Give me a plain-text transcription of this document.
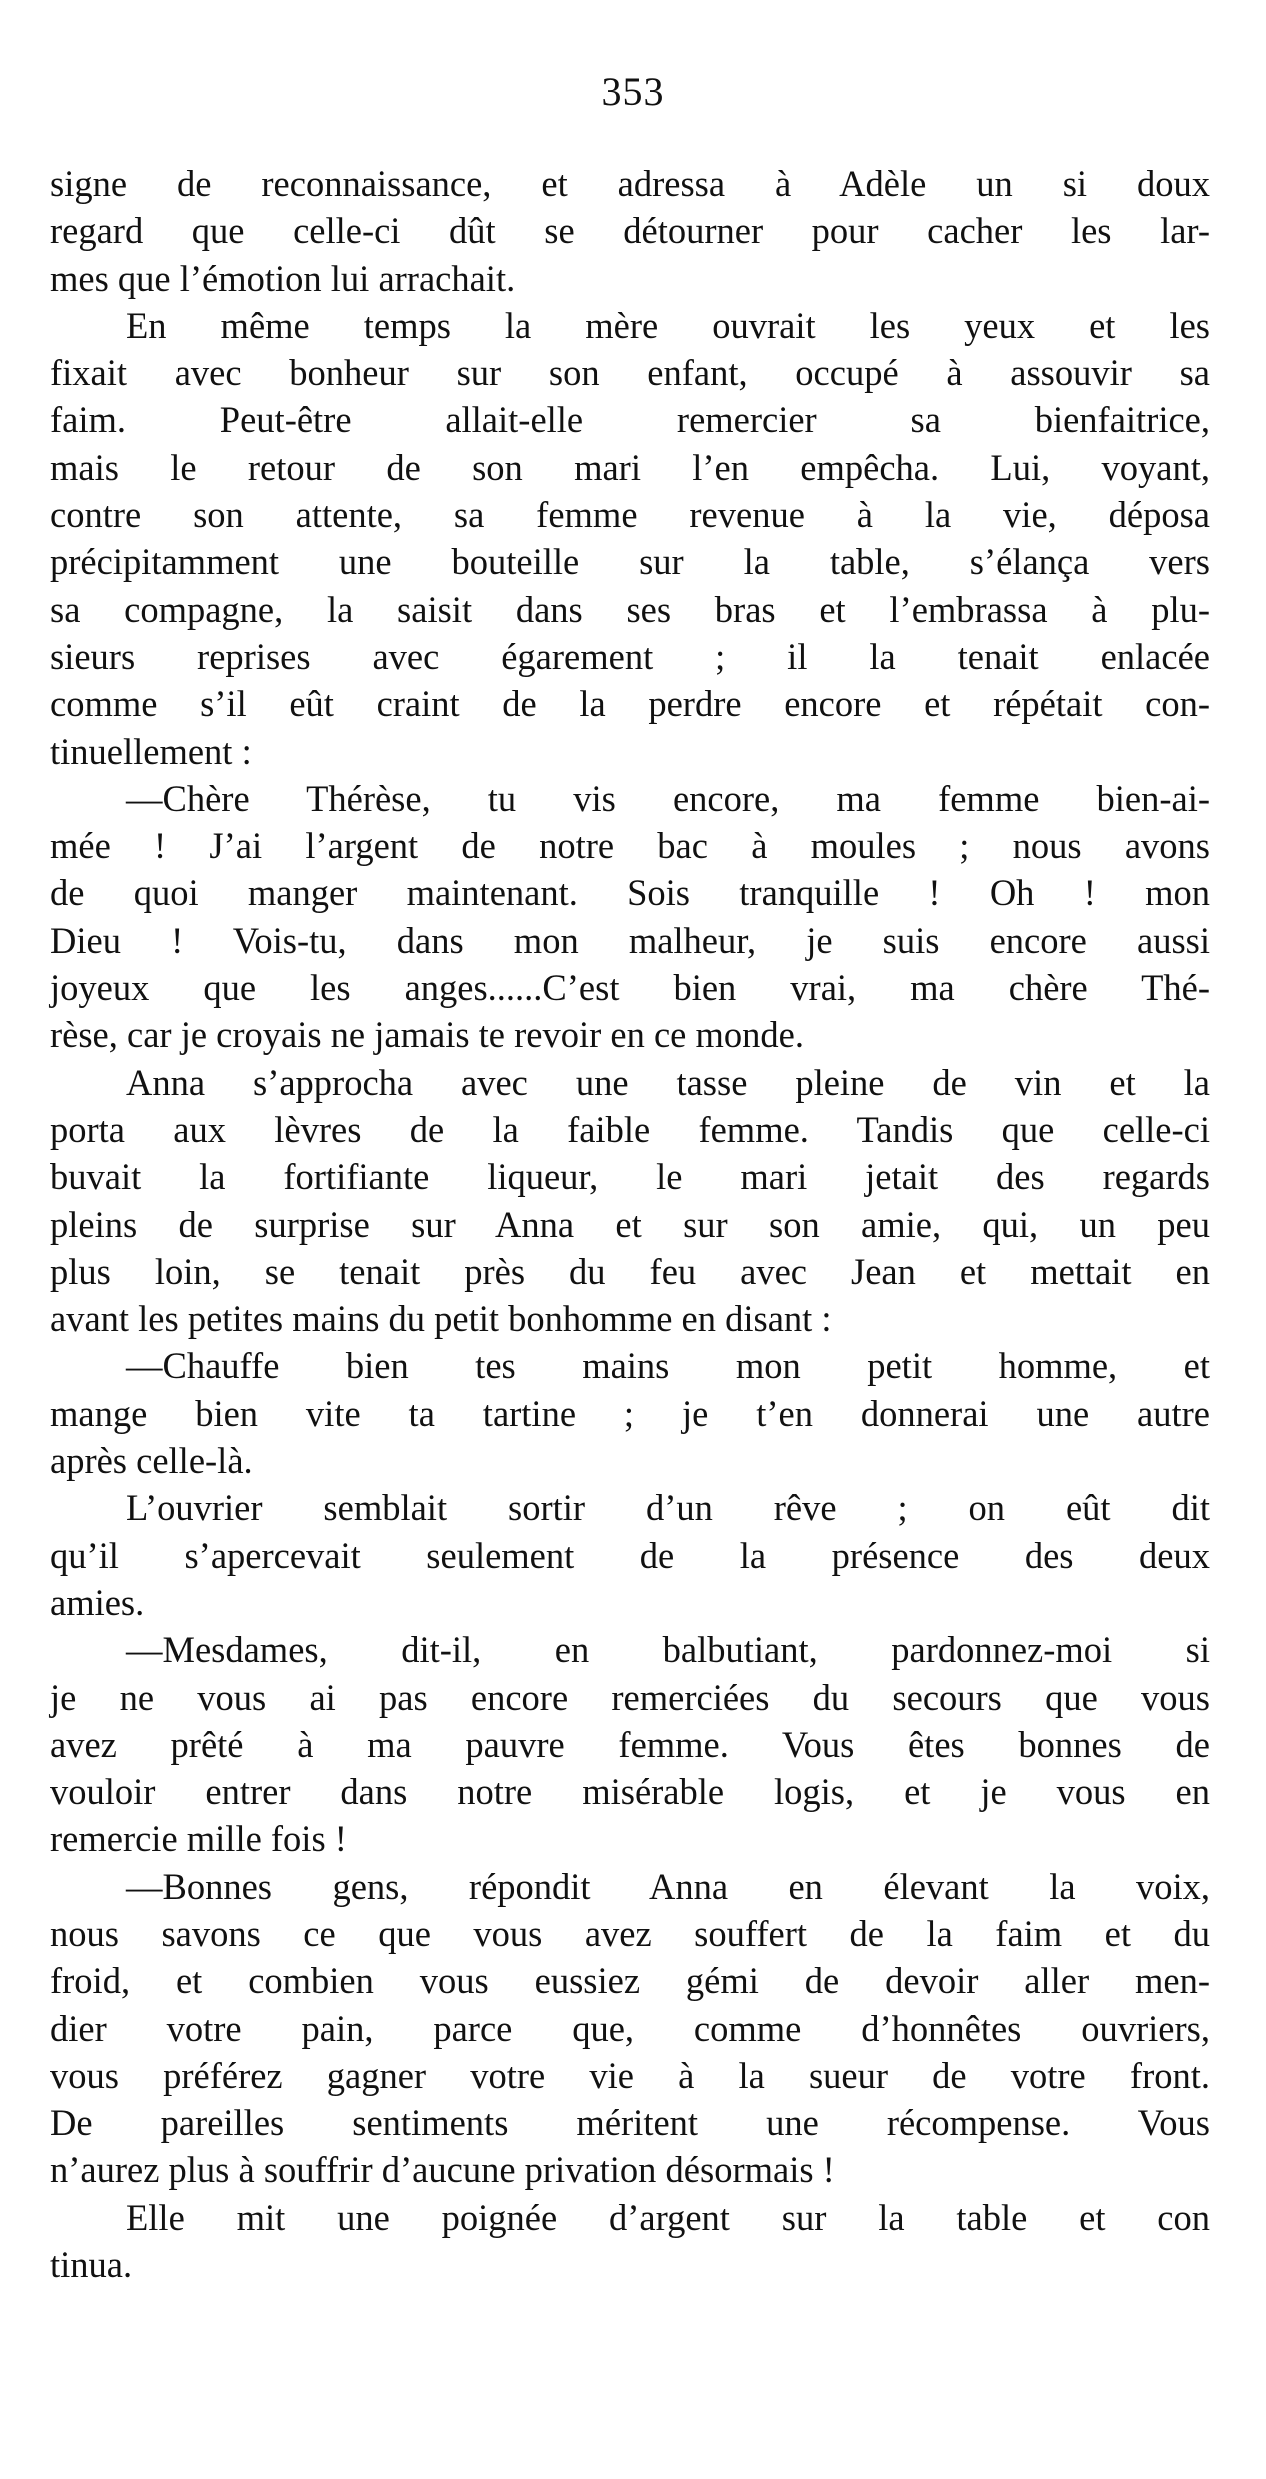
353
signe de reconnaissance, et adressa à Adèle un si doux
regard que celle-ci dût se détourner pour cacher les lar-
mes que l’émotion lui arrachait.
En même temps la mère ouvrait les yeux et les
fixait avec bonheur sur son enfant, occupé à assouvir sa
faim. Peut-être allait-elle remercier sa bienfaitrice,
mais le retour de son mari l’en empêcha. Lui, voyant,
contre son attente, sa femme revenue à la vie, déposa
précipitamment une bouteille sur la table, s’élança vers
sa compagne, la saisit dans ses bras et l’embrassa à plu-
sieurs reprises avec égarement ; il la tenait enlacée
comme s’il eût craint de la perdre encore et répétait con-
tinuellement :
—Chère Thérèse, tu vis encore, ma femme bien-ai-
mée ! J’ai l’argent de notre bac à moules ; nous avons
de quoi manger maintenant. Sois tranquille ! Oh ! mon
Dieu ! Vois-tu, dans mon malheur, je suis encore aussi
joyeux que les anges......C’est bien vrai, ma chère Thé-
rèse, car je croyais ne jamais te revoir en ce monde.
Anna s’approcha avec une tasse pleine de vin et la
porta aux lèvres de la faible femme. Tandis que celle-ci
buvait la fortifiante liqueur, le mari jetait des regards
pleins de surprise sur Anna et sur son amie, qui, un peu
plus loin, se tenait près du feu avec Jean et mettait en
avant les petites mains du petit bonhomme en disant :
—Chauffe bien tes mains mon petit homme, et
mange bien vite ta tartine ; je t’en donnerai une autre
après celle-là.
L’ouvrier semblait sortir d’un rêve ; on eût dit
qu’il s’apercevait seulement de la présence des deux
amies.
—Mesdames, dit-il, en balbutiant, pardonnez-moi si
je ne vous ai pas encore remerciées du secours que vous
avez prêté à ma pauvre femme. Vous êtes bonnes de
vouloir entrer dans notre misérable logis, et je vous en
remercie mille fois !
—Bonnes gens, répondit Anna en élevant la voix,
nous savons ce que vous avez souffert de la faim et du
froid, et combien vous eussiez gémi de devoir aller men-
dier votre pain, parce que, comme d’honnêtes ouvriers,
vous préférez gagner votre vie à la sueur de votre front.
De pareilles sentiments méritent une récompense. Vous
n’aurez plus à souffrir d’aucune privation désormais !
Elle mit une poignée d’argent sur la table et con
tinua.
